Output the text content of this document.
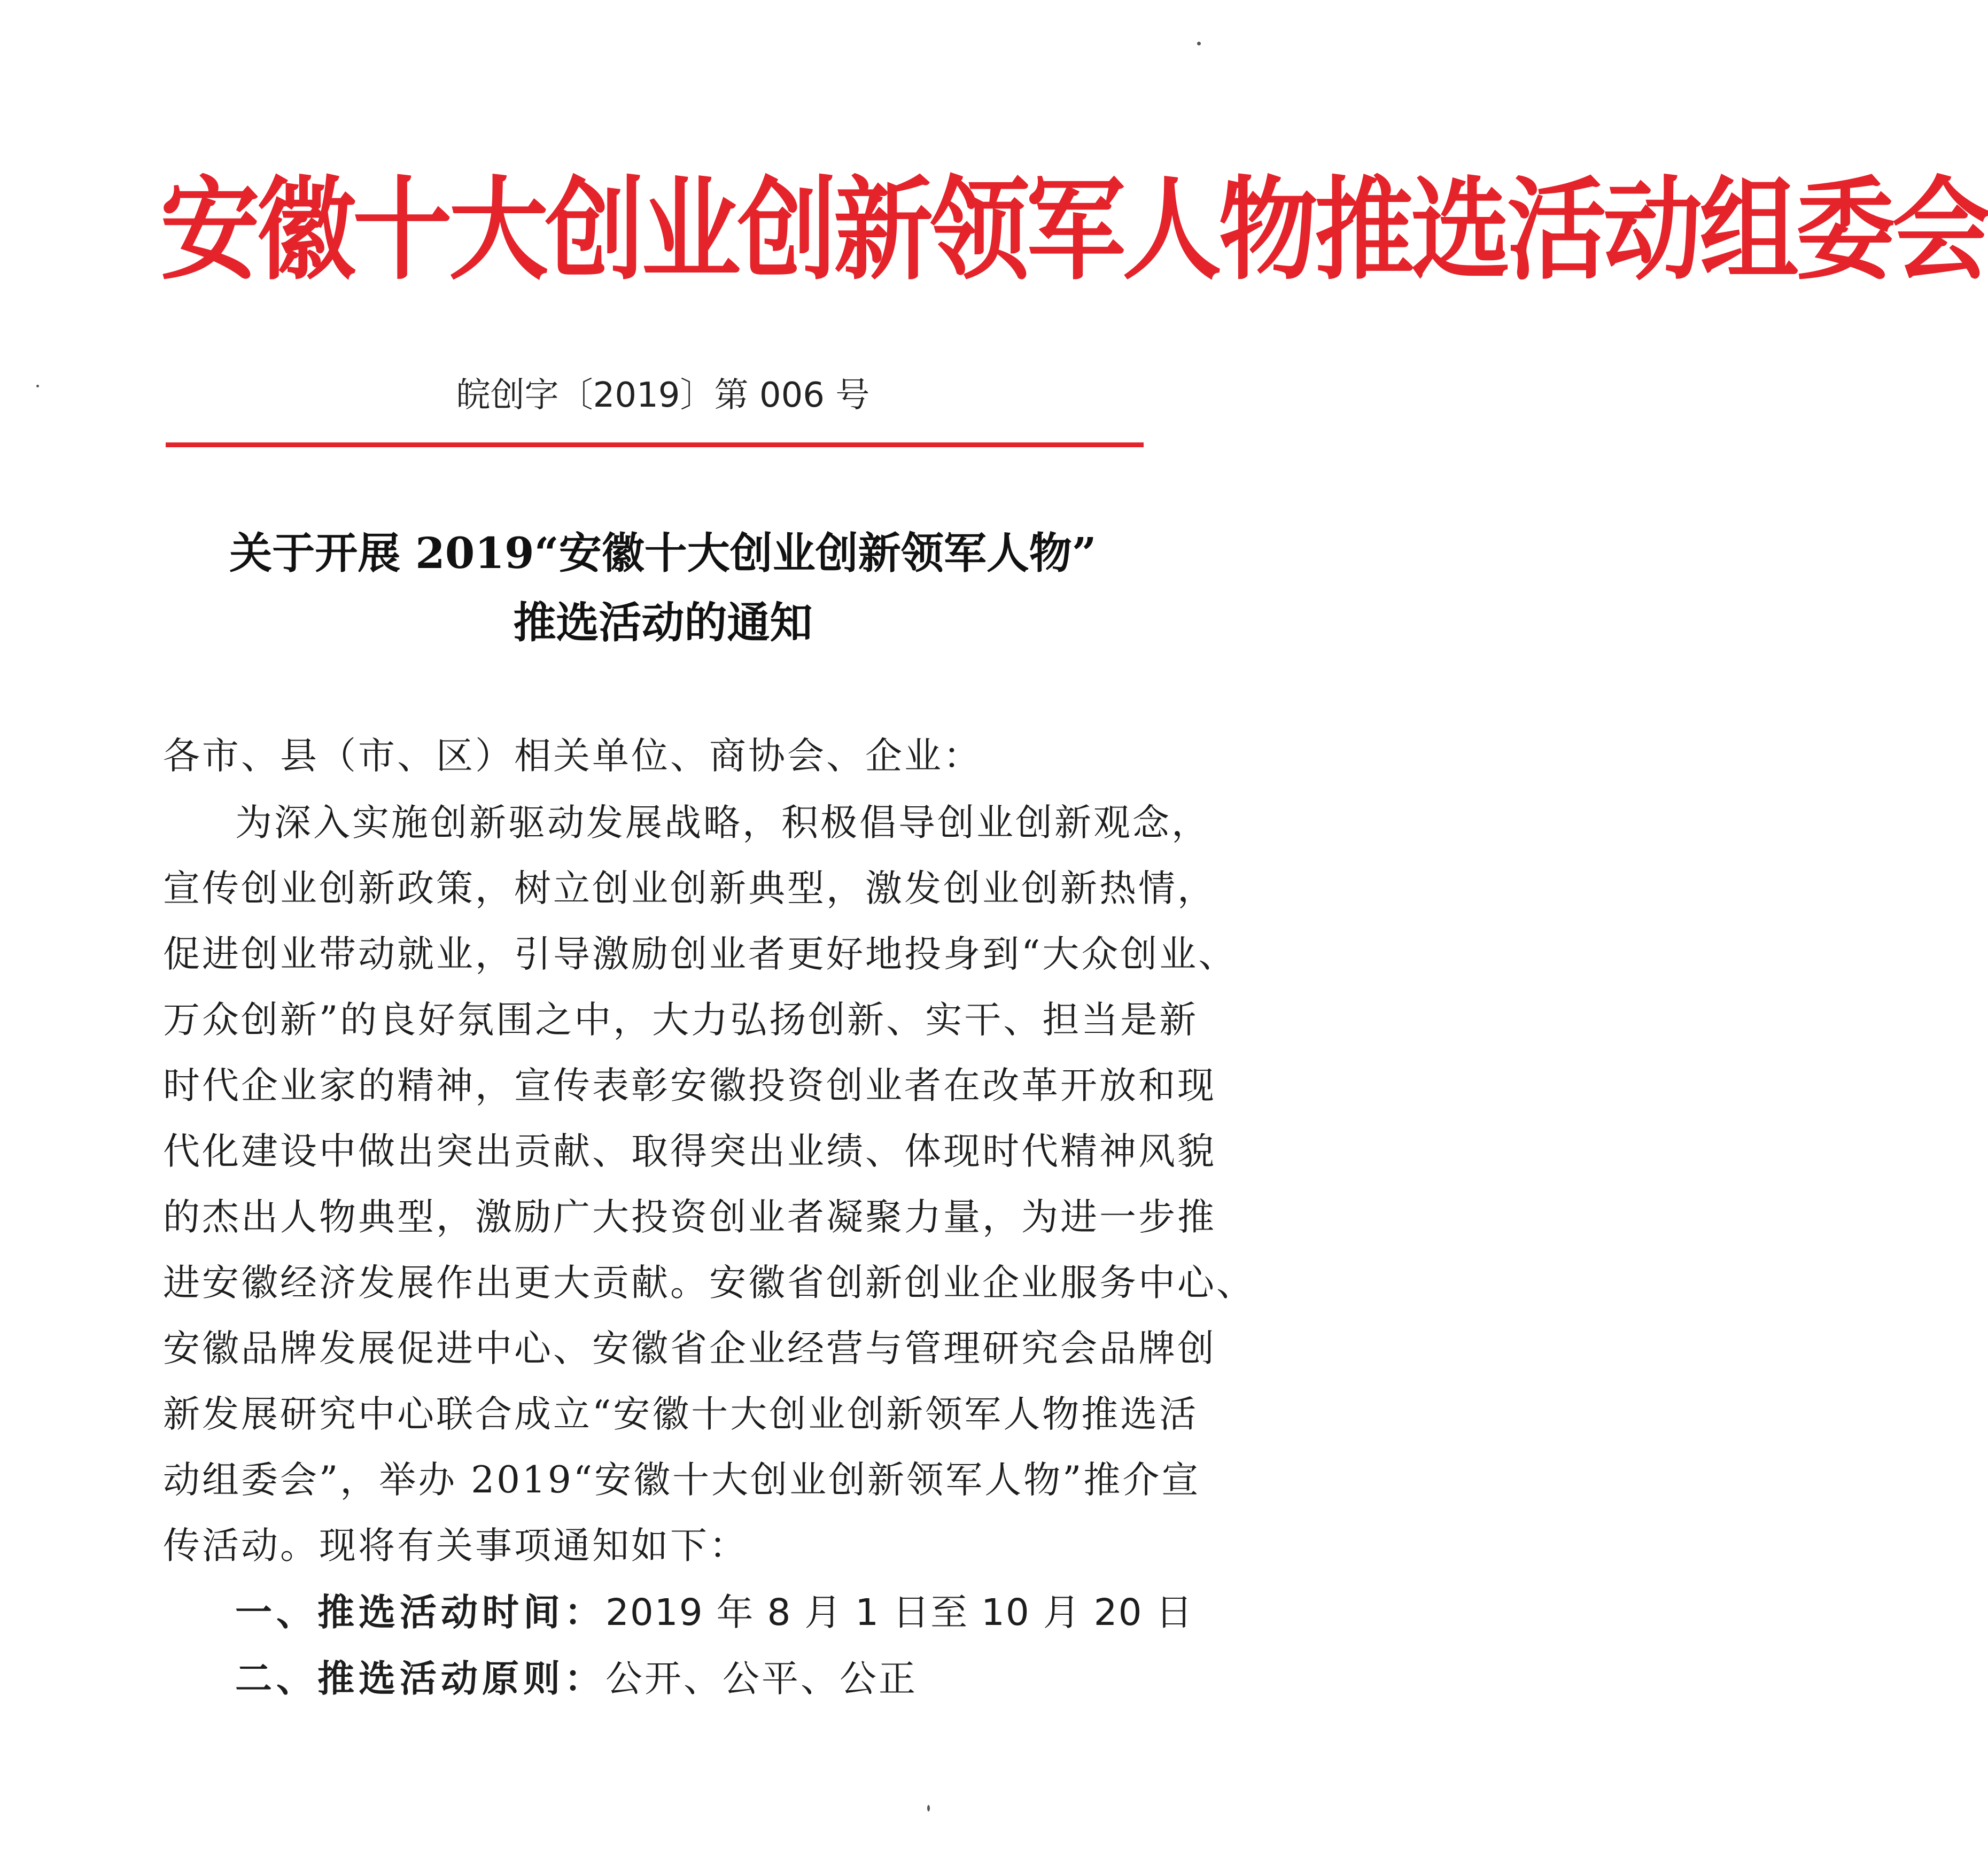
安徽十大创业创新领军人物推选活动组委会
皖创字〔2019〕第 006 号
关于开展 2019“安徽十大创业创新领军人物”
推选活动的通知
各市、县（市、区）相关单位、商协会、企业：
为深入实施创新驱动发展战略，积极倡导创业创新观念，
宣传创业创新政策，树立创业创新典型，激发创业创新热情，
促进创业带动就业，引导激励创业者更好地投身到“大众创业、
万众创新”的良好氛围之中，大力弘扬创新、实干、担当是新
时代企业家的精神，宣传表彰安徽投资创业者在改革开放和现
代化建设中做出突出贡献、取得突出业绩、体现时代精神风貌
的杰出人物典型，激励广大投资创业者凝聚力量，为进一步推
进安徽经济发展作出更大贡献。安徽省创新创业企业服务中心、
安徽品牌发展促进中心、安徽省企业经营与管理研究会品牌创
新发展研究中心联合成立“安徽十大创业创新领军人物推选活
动组委会”，举办 2019“安徽十大创业创新领军人物”推介宣
传活动。现将有关事项通知如下：
一、推选活动时间：2019 年 8 月 1 日至 10 月 20 日
二、推选活动原则：公开、公平、公正
